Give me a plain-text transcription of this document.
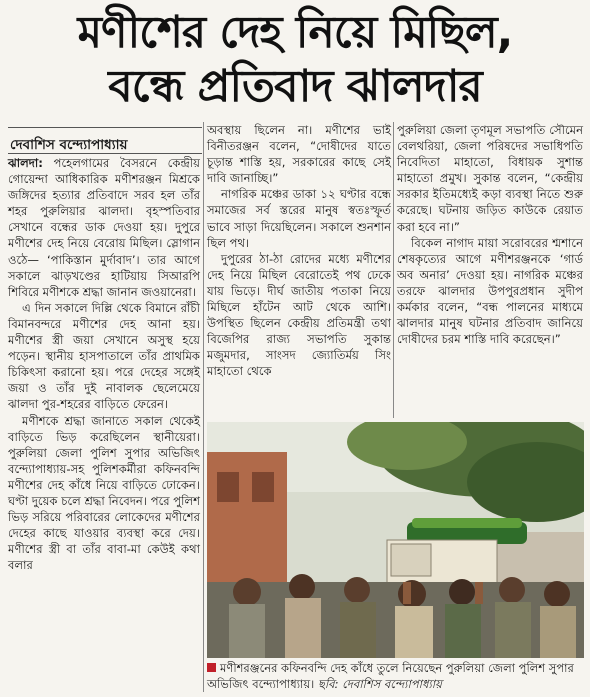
মণীশের দেহ নিয়ে মিছিল,
বন্ধে প্রতিবাদ ঝালদার
দেবাশিস বন্দ্যোপাধ্যায়

ঝালদা: পহেলগামের বৈসরনে কেন্দ্রীয় গোয়েন্দা আধিকারিক মণীশরঞ্জন মিশ্রকে জঙ্গিদের হত্যার প্রতিবাদে সরব হল তাঁর শহর পুরুলিয়ার ঝালদা। বৃহস্পতিবার সেখানে বন্ধের ডাক দেওয়া হয়। দুপুরে মণীশের দেহ নিয়ে বেরোয় মিছিল। স্লোগান ওঠে— ‘পাকিস্তান মুর্দাবাদ’। তার আগে সকালে ঝাড়খণ্ডের হাটিয়ায় সিআরপি শিবিরে মণীশকে শ্রদ্ধা জানান জওয়ানেরা।

এ দিন সকালে দিল্লি থেকে বিমানে রাঁচী বিমানবন্দরে মণীশের দেহ আনা হয়। মণীশের স্ত্রী জয়া সেখানে অসুস্থ হয়ে পড়েন। স্থানীয় হাসপাতালে তাঁর প্রাথমিক চিকিৎসা করানো হয়। পরে দেহের সঙ্গেই জয়া ও তাঁর দুই নাবালক ছেলেমেয়ে ঝালদা পুর-শহরের বাড়িতে ফেরেন।

মণীশকে শ্রদ্ধা জানাতে সকাল থেকেই বাড়িতে ভিড় করেছিলেন স্থানীয়েরা। পুরুলিয়া জেলা পুলিশ সুপার অভিজিৎ বন্দ্যোপাধ্যায়-সহ পুলিশকর্মীরা কফিনবন্দি মণীশের দেহ কাঁধে নিয়ে বাড়িতে ঢোকেন। ঘণ্টা দুয়েক চলে শ্রদ্ধা নিবেদন। পরে পুলিশ ভিড় সরিয়ে পরিবারের লোকেদের মণীশের দেহের কাছে যাওয়ার ব্যবস্থা করে দেয়। মণীশের স্ত্রী বা তাঁর বাবা-মা কেউই কথা বলার

অবস্থায় ছিলেন না। মণীশের ভাই বিনীতরঞ্জন বলেন, “দোষীদের যাতে চূড়ান্ত শাস্তি হয়, সরকারের কাছে সেই দাবি জানাচ্ছি।”

নাগরিক মঞ্চের ডাকা ১২ ঘণ্টার বন্ধে সমাজের সর্ব স্তরের মানুষ স্বতঃস্ফূর্ত ভাবে সাড়া দিয়েছিলেন। সকালে শুনশান ছিল পথ।

দুপুরের ঠা-ঠা রোদের মধ্যে মণীশের দেহ নিয়ে মিছিল বেরোতেই পথ ঢেকে যায় ভিড়ে। দীর্ঘ জাতীয় পতাকা নিয়ে মিছিলে হাঁটেন আট থেকে আশি। উপস্থিত ছিলেন কেন্দ্রীয় প্রতিমন্ত্রী তথা বিজেপির রাজ্য সভাপতি সুকান্ত মজুমদার, সাংসদ জ্যোতির্ময় সিং মাহাতো থেকে

পুরুলিয়া জেলা তৃণমূল সভাপতি সৌমেন বেলথরিয়া, জেলা পরিষদের সভাধিপতি নিবেদিতা মাহাতো, বিধায়ক সুশান্ত মাহাতো প্রমুখ। সুকান্ত বলেন, “কেন্দ্রীয় সরকার ইতিমধ্যেই কড়া ব্যবস্থা নিতে শুরু করেছে। ঘটনায় জড়িত কাউকে রেয়াত করা হবে না।”

বিকেল নাগাদ মায়া সরোবরের শ্মশানে শেষকৃত্যের আগে মণীশরঞ্জনকে ‘গার্ড অব অনার’ দেওয়া হয়। নাগরিক মঞ্চের তরফে ঝালদার উপপুরপ্রধান সুদীপ কর্মকার বলেন, “বন্ধ পালনের মাধ্যমে ঝালদার মানুষ ঘটনার প্রতিবাদ জানিয়ে দোষীদের চরম শাস্তি দাবি করেছেন।”

মণীশরঞ্জনের কফিনবন্দি দেহ কাঁধে তুলে নিয়েছেন পুরুলিয়া জেলা পুলিশ সুপার অভিজিৎ বন্দ্যোপাধ্যায়। ছবি: দেবাশিস বন্দ্যোপাধ্যায়
